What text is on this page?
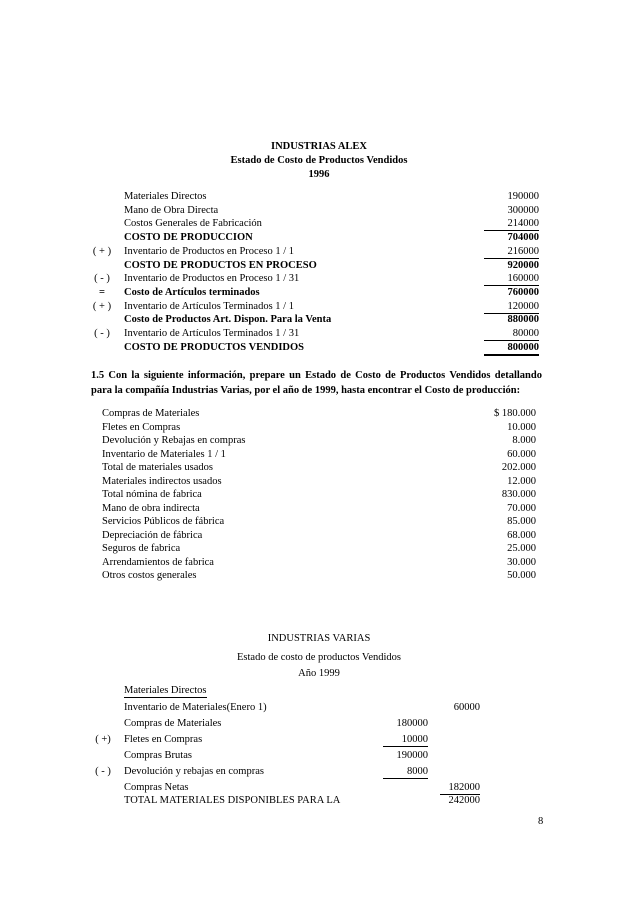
INDUSTRIAS ALEX
Estado de Costo de Productos Vendidos
1996
Materiales Directos	190000
Mano de Obra Directa	300000
Costos Generales de Fabricación	214000
COSTO DE PRODUCCION	704000
( + )	Inventario de Productos en Proceso 1 / 1	216000
COSTO DE PRODUCTOS EN PROCESO	920000
( - )	Inventario de Productos en Proceso 1 / 31	160000
=	Costo de Artículos terminados	760000
( + )	Inventario de Artículos Terminados 1 / 1	120000
Costo de Productos Art. Dispon. Para la Venta	880000
( - )	Inventario de Artículos Terminados 1 / 31	80000
COSTO DE PRODUCTOS VENDIDOS	800000
1.5 Con la siguiente información, prepare un Estado de Costo de Productos Vendidos detallando
para la compañía Industrias Varias, por el año de 1999, hasta encontrar el Costo de producción:
Compras de Materiales	$ 180.000
Fletes en Compras	10.000
Devolución y Rebajas en compras	8.000
Inventario de Materiales 1 / 1	60.000
Total de materiales usados	202.000
Materiales indirectos usados	12.000
Total nómina de fabrica	830.000
Mano de obra indirecta	70.000
Servicios Públicos de fábrica	85.000
Depreciación de fábrica	68.000
Seguros de fabrica	25.000
Arrendamientos de fabrica	30.000
Otros costos generales	50.000
INDUSTRIAS VARIAS
Estado de costo de productos Vendidos
Año 1999
Materiales Directos
Inventario de Materiales(Enero 1)	60000
Compras de Materiales	180000
( +)	Fletes en Compras	10000
Compras Brutas	190000
( - )	Devolución y rebajas en compras	8000
Compras Netas	182000
TOTAL MATERIALES DISPONIBLES PARA LA	242000
8
